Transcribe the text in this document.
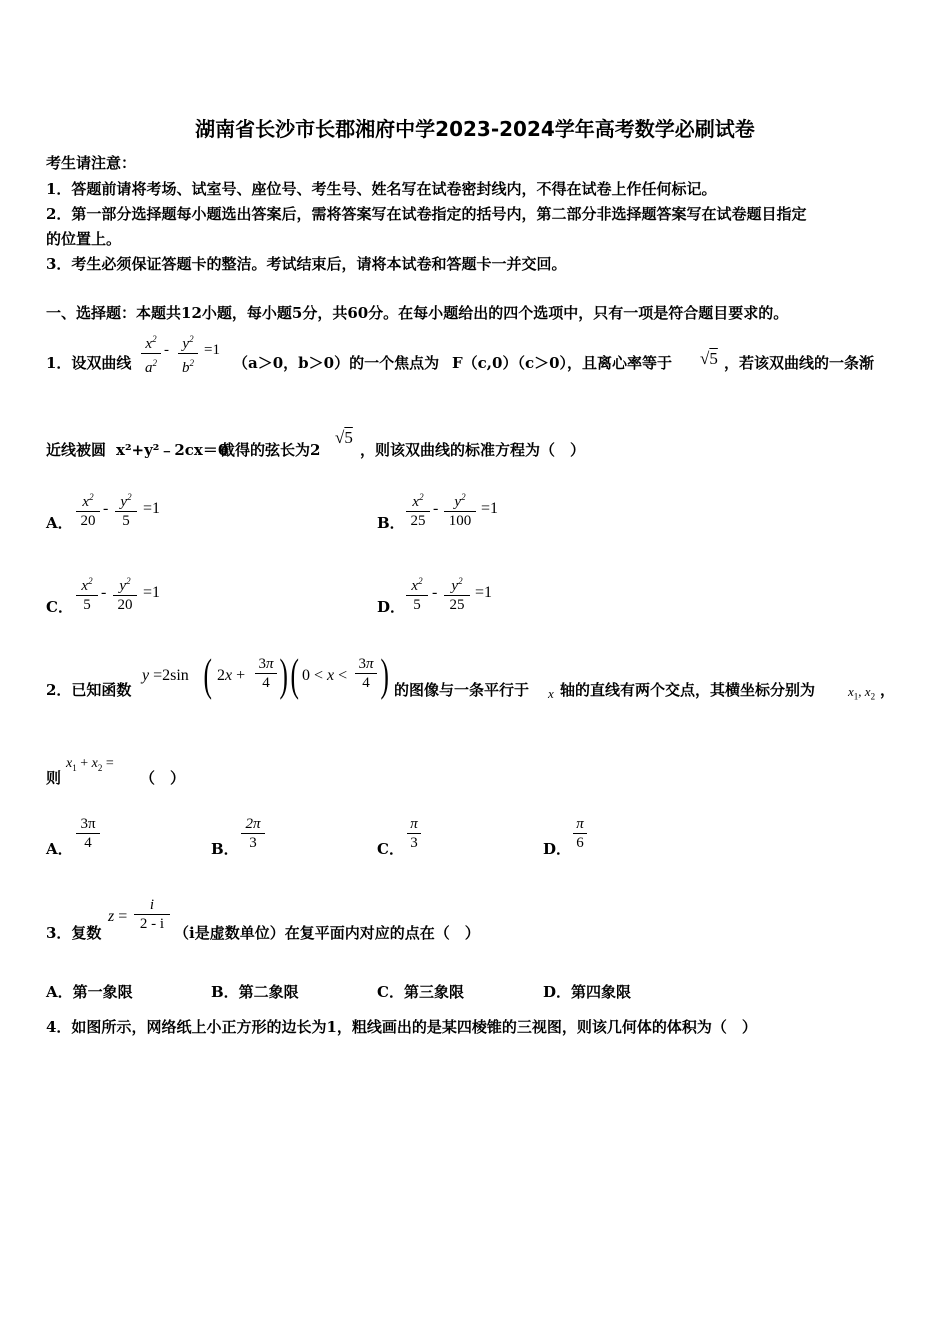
湖南省长沙市长郡湘府中学2023-2024学年高考数学必刷试卷
考生请注意：
1．答题前请将考场、试室号、座位号、考生号、姓名写在试卷密封线内，不得在试卷上作任何标记。
2．第一部分选择题每小题选出答案后，需将答案写在试卷指定的括号内，第二部分非选择题答案写在试卷题目指定
的位置上。
3．考生必须保证答题卡的整洁。考试结束后，请将本试卷和答题卡一并交回。
一、选择题：本题共12小题，每小题5分，共60分。在每小题给出的四个选项中，只有一项是符合题目要求的。
1．设双曲线
$x^2$
$a^2$
- $y^2$
$b^2$
=1
（a＞0，b＞0）的一个焦点为 F（c,0）（c＞0），且离心率等于 √5 ，若该双曲线的一条渐
近线被圆 x²+y²﹣2cx＝0
截得的弦长为2
√5
，则该双曲线的标准方程为（　）
A．
$x^2$
20
- $y^2$
5
=1
B．
$x^2$
25
-	$y^2$
100
=1
C．
$x^2$
5
- $y^2$
20
=1
D．
$x^2$
5
- $y^2$
25
=1
2．已知函数
y =2sin ( 2x +
3π
4 ) ( 0 < x <
3π
4 ) 的图像与一条平行于 x 轴的直线有两个交点，其横坐标分别为	$x_1$, $x_2$ ，
则
$x_1 + x_2$ =
（　）
A．
3π
4	B．
2π
3	C．
π
3	D．
π
6
3．复数
z =
i
2 - i （i是虚数单位）在复平面内对应的点在（　）
A．第一象限	B．第二象限	C．第三象限	D．第四象限
4．如图所示，网络纸上小正方形的边长为1，粗线画出的是某四棱锥的三视图，则该几何体的体积为（　）
